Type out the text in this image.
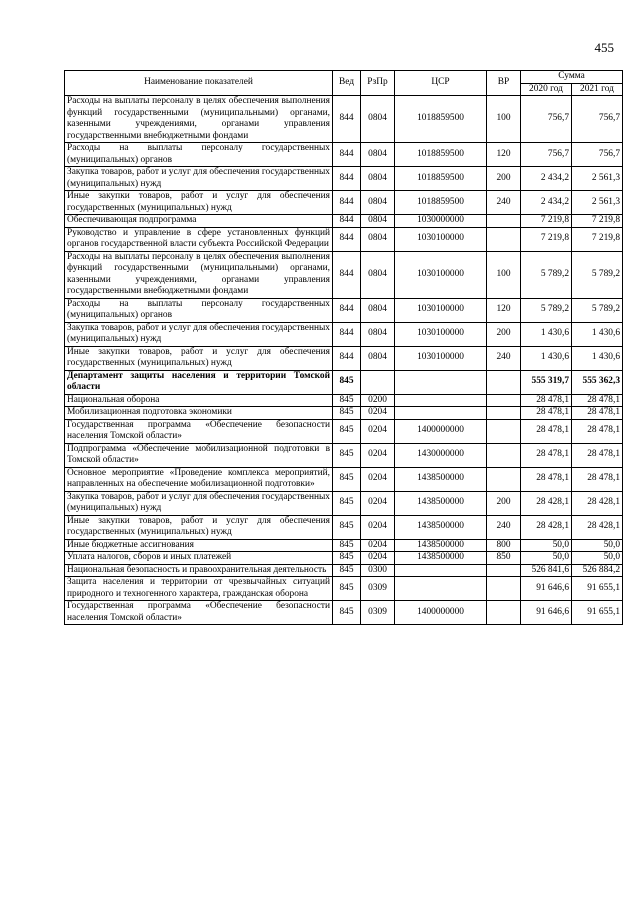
455
Наименование показателей	Вед	РзПр	ЦСР	ВР	Сумма	
					2020 год	2021 год
Расходы на выплаты персоналу в целях обеспечения выполнения функций государственными (муниципальными) органами, казенными учреждениями, органами управления государственными внебюджетными фондами	844	0804	1018859500	100	756,7	756,7
Расходы на выплаты персоналу государственных (муниципальных) органов	844	0804	1018859500	120	756,7	756,7
Закупка товаров, работ и услуг для обеспечения государственных (муниципальных) нужд	844	0804	1018859500	200	2 434,2	2 561,3
Иные закупки товаров, работ и услуг для обеспечения государственных (муниципальных) нужд	844	0804	1018859500	240	2 434,2	2 561,3
Обеспечивающая подпрограмма	844	0804	1030000000		7 219,8	7 219,8
Руководство и управление в сфере установленных функций органов государственной власти субъекта Российской Федерации	844	0804	1030100000		7 219,8	7 219,8
Расходы на выплаты персоналу в целях обеспечения выполнения функций государственными (муниципальными) органами, казенными учреждениями, органами управления государственными внебюджетными фондами	844	0804	1030100000	100	5 789,2	5 789,2
Расходы на выплаты персоналу государственных (муниципальных) органов	844	0804	1030100000	120	5 789,2	5 789,2
Закупка товаров, работ и услуг для обеспечения государственных (муниципальных) нужд	844	0804	1030100000	200	1 430,6	1 430,6
Иные закупки товаров, работ и услуг для обеспечения государственных (муниципальных) нужд	844	0804	1030100000	240	1 430,6	1 430,6
Департамент защиты населения и территории Томской области	845				555 319,7	555 362,3
Национальная оборона	845	0200			28 478,1	28 478,1
Мобилизационная подготовка экономики	845	0204			28 478,1	28 478,1
Государственная программа «Обеспечение безопасности населения Томской области»	845	0204	1400000000		28 478,1	28 478,1
Подпрограмма «Обеспечение мобилизационной подготовки в Томской области»	845	0204	1430000000		28 478,1	28 478,1
Основное мероприятие «Проведение комплекса мероприятий, направленных на обеспечение мобилизационной подготовки»	845	0204	1438500000		28 478,1	28 478,1
Закупка товаров, работ и услуг для обеспечения государственных (муниципальных) нужд	845	0204	1438500000	200	28 428,1	28 428,1
Иные закупки товаров, работ и услуг для обеспечения государственных (муниципальных) нужд	845	0204	1438500000	240	28 428,1	28 428,1
Иные бюджетные ассигнования	845	0204	1438500000	800	50,0	50,0
Уплата налогов, сборов и иных платежей	845	0204	1438500000	850	50,0	50,0
Национальная безопасность и правоохранительная деятельность	845	0300			526 841,6	526 884,2
Защита населения и территории от чрезвычайных ситуаций природного и техногенного характера, гражданская оборона	845	0309			91 646,6	91 655,1
Государственная программа «Обеспечение безопасности населения Томской области»	845	0309	1400000000		91 646,6	91 655,1
